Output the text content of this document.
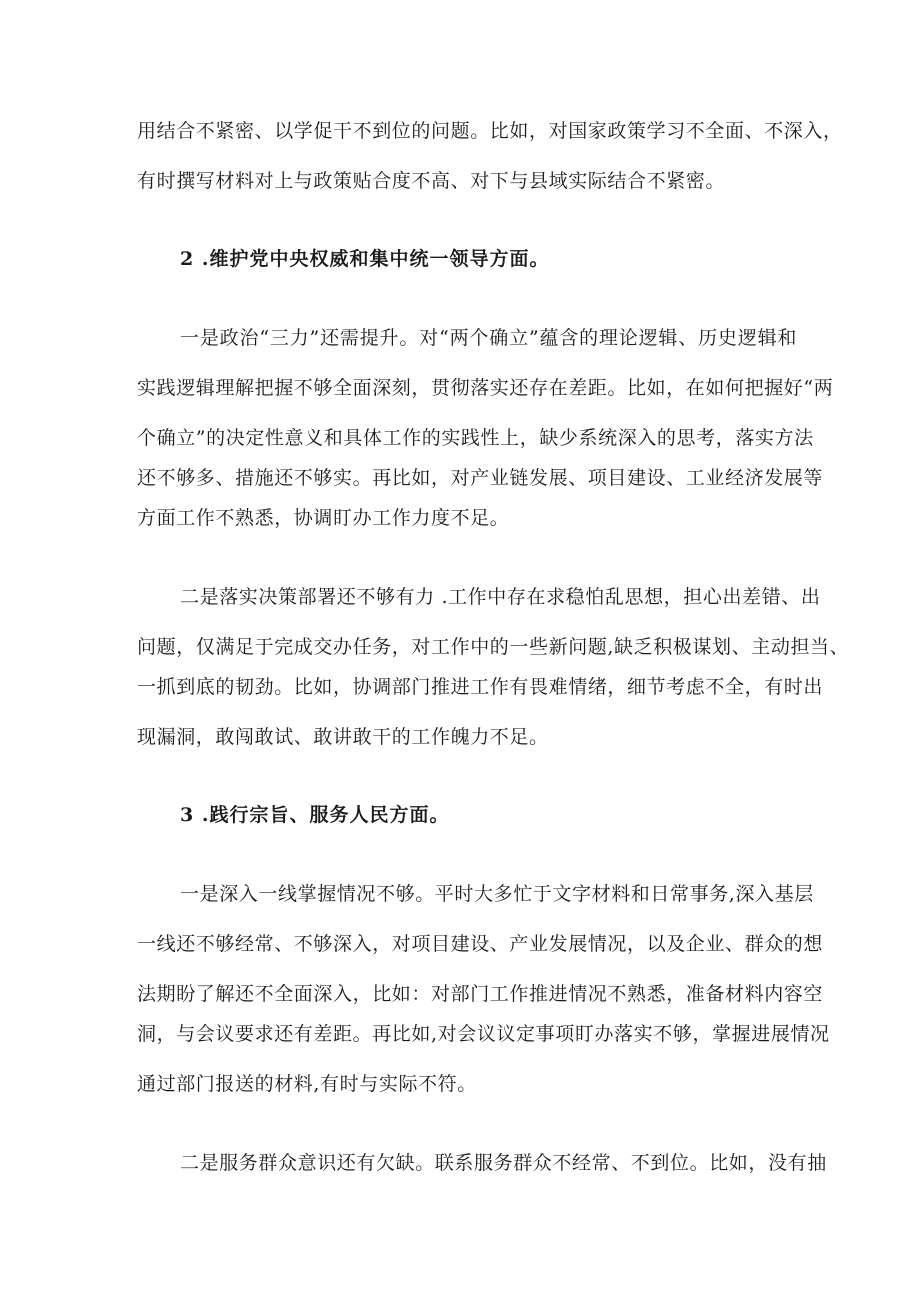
用结合不紧密、以学促干不到位的问题。比如，对国家政策学习不全面、不深入，
有时撰写材料对上与政策贴合度不高、对下与县域实际结合不紧密。
2 .维护党中央权威和集中统一领导方面。
一是政治“三力”还需提升。对“两个确立”蕴含的理论逻辑、历史逻辑和
实践逻辑理解把握不够全面深刻，贯彻落实还存在差距。比如，在如何把握好“两
个确立”的决定性意义和具体工作的实践性上，缺少系统深入的思考，落实方法
还不够多、措施还不够实。再比如，对产业链发展、项目建设、工业经济发展等
方面工作不熟悉，协调盯办工作力度不足。
二是落实决策部署还不够有力 .工作中存在求稳怕乱思想，担心出差错、出
问题，仅满足于完成交办任务，对工作中的一些新问题,缺乏积极谋划、主动担当、
一抓到底的韧劲。比如，协调部门推进工作有畏难情绪，细节考虑不全，有时出
现漏洞，敢闯敢试、敢讲敢干的工作魄力不足。
3 .践行宗旨、服务人民方面。
一是深入一线掌握情况不够。平时大多忙于文字材料和日常事务,深入基层
一线还不够经常、不够深入，对项目建设、产业发展情况，以及企业、群众的想
法期盼了解还不全面深入，比如：对部门工作推进情况不熟悉，准备材料内容空
洞，与会议要求还有差距。再比如,对会议议定事项盯办落实不够，掌握进展情况
通过部门报送的材料,有时与实际不符。
二是服务群众意识还有欠缺。联系服务群众不经常、不到位。比如，没有抽
